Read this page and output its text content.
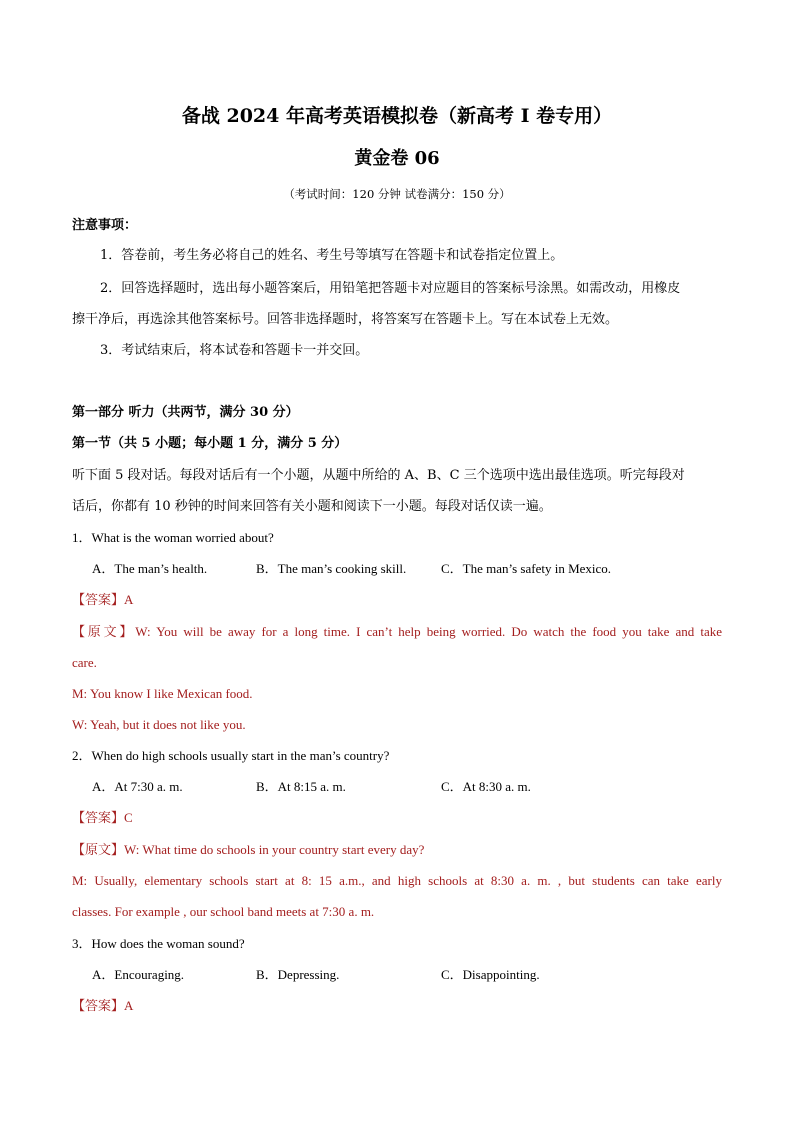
备战 2024 年高考英语模拟卷（新高考 I 卷专用）
黄金卷 06
（考试时间：120 分钟 试卷满分：150 分）
注意事项：
1．答卷前，考生务必将自己的姓名、考生号等填写在答题卡和试卷指定位置上。
2．回答选择题时，选出每小题答案后，用铅笔把答题卡对应题目的答案标号涂黑。如需改动，用橡皮
擦干净后，再选涂其他答案标号。回答非选择题时，将答案写在答题卡上。写在本试卷上无效。
3．考试结束后，将本试卷和答题卡一并交回。
第一部分 听力（共两节，满分 30 分）
第一节（共 5 小题；每小题 1 分，满分 5 分）
听下面 5 段对话。每段对话后有一个小题，从题中所给的 A、B、C 三个选项中选出最佳选项。听完每段对
话后，你都有 10 秒钟的时间来回答有关小题和阅读下一小题。每段对话仅读一遍。
1．What is the woman worried about?
A．The man’s health.	B．The man’s cooking skill.	C．The man’s safety in Mexico.
【答案】A
【原文】W: You will be away for a long time. I can’t help being worried. Do watch the food you take and take
care.
M: You know I like Mexican food.
W: Yeah, but it does not like you.
2．When do high schools usually start in the man’s country?
A．At 7:30 a. m.	B．At 8:15 a. m.	C．At 8:30 a. m.
【答案】C
【原文】W: What time do schools in your country start every day?
M: Usually, elementary schools start at 8: 15 a.m., and high schools at 8:30 a. m. , but students can take early
classes. For example , our school band meets at 7:30 a. m.
3．How does the woman sound?
A．Encouraging.	B．Depressing.	C．Disappointing.
【答案】A
